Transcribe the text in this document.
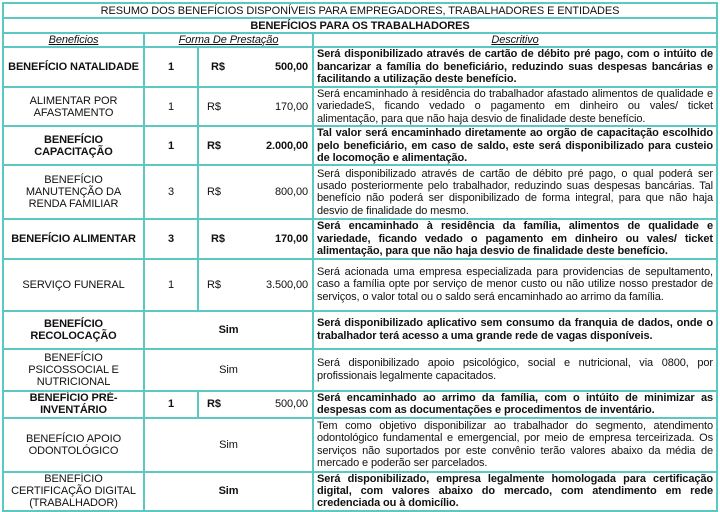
RESUMO DOS BENEFÍCIOS DISPONÍVEIS PARA EMPREGADORES, TRABALHADORES E ENTIDADES			
BENEFÍCIOS PARA OS TRABALHADORES			
Beneficios	Forma De Prestação		Descritivo
BENEFÍCIO NATALIDADE	1	R$ 500,00	Será disponibilizado através de cartão de débito pré pago, com o intúito de bancarizar a família do beneficiário, reduzindo suas despesas bancárias e facilitando a utilização deste benefício.
ALIMENTAR POR AFASTAMENTO	1	R$ 170,00	Será encaminhado à residência do trabalhador afastado alimentos de qualidade e variedadeS, ficando vedado o pagamento em dinheiro ou vales/ ticket alimentação, para que não haja desvio de finalidade deste benefício.
BENEFÍCIO CAPACITAÇÃO	1	R$ 2.000,00	Tal valor será encaminhado diretamente ao orgão de capacitação escolhido pelo beneficiário, em caso de saldo, este será disponibilizado para custeio de locomoção e alimentação.
BENEFÍCIO MANUTENÇÃO DA RENDA FAMILIAR	3	R$ 800,00	Será disponibilizado através de cartão de débito pré pago, o qual poderá ser usado posteriormente pelo trabalhador, reduzindo suas despesas bancárias. Tal benefício não poderá ser disponibilizado de forma integral, para que não haja desvio de finalidade do mesmo.
BENEFÍCIO ALIMENTAR	3	R$ 170,00	Será encaminhado à residência da família, alimentos de qualidade e variedade, ficando vedado o pagamento em dinheiro ou vales/ ticket alimentação, para que não haja desvio de finalidade deste benefício.
SERVIÇO FUNERAL	1	R$ 3.500,00	Será acionada uma empresa especializada para providencias de sepultamento, caso a família opte por serviço de menor custo ou não utilize nosso prestador de serviços, o valor total ou o saldo será encaminhado ao arrimo da família.
BENEFÍCIO RECOLOCAÇÃO	Sim		Será disponibilizado aplicativo sem consumo da franquia de dados, onde o trabalhador terá acesso a uma grande rede de vagas disponíveis.
BENEFÍCIO PSICOSSOCIAL E NUTRICIONAL	Sim		Será disponibilizado apoio psicológico, social e nutricional, via 0800, por profissionais legalmente capacitados.
BENEFÍCIO PRÉ-INVENTÁRIO	1	R$ 500,00	Será encaminhado ao arrimo da família, com o intúito de minimizar as despesas com as documentações e procedimentos de inventário.
BENEFÍCIO APOIO ODONTOLÓGICO	Sim		Tem como objetivo disponibilizar ao trabalhador do segmento, atendimento odontológico fundamental e emergencial, por meio de empresa terceirizada. Os serviços não suportados por este convênio terão valores abaixo da média de mercado e poderão ser parcelados.
BENEFÍCIO CERTIFICAÇÃO DIGITAL (TRABALHADOR)	Sim		Será disponibilizado, empresa legalmente homologada para certificação digital, com valores abaixo do mercado, com atendimento em rede credenciada ou à domicílio.
